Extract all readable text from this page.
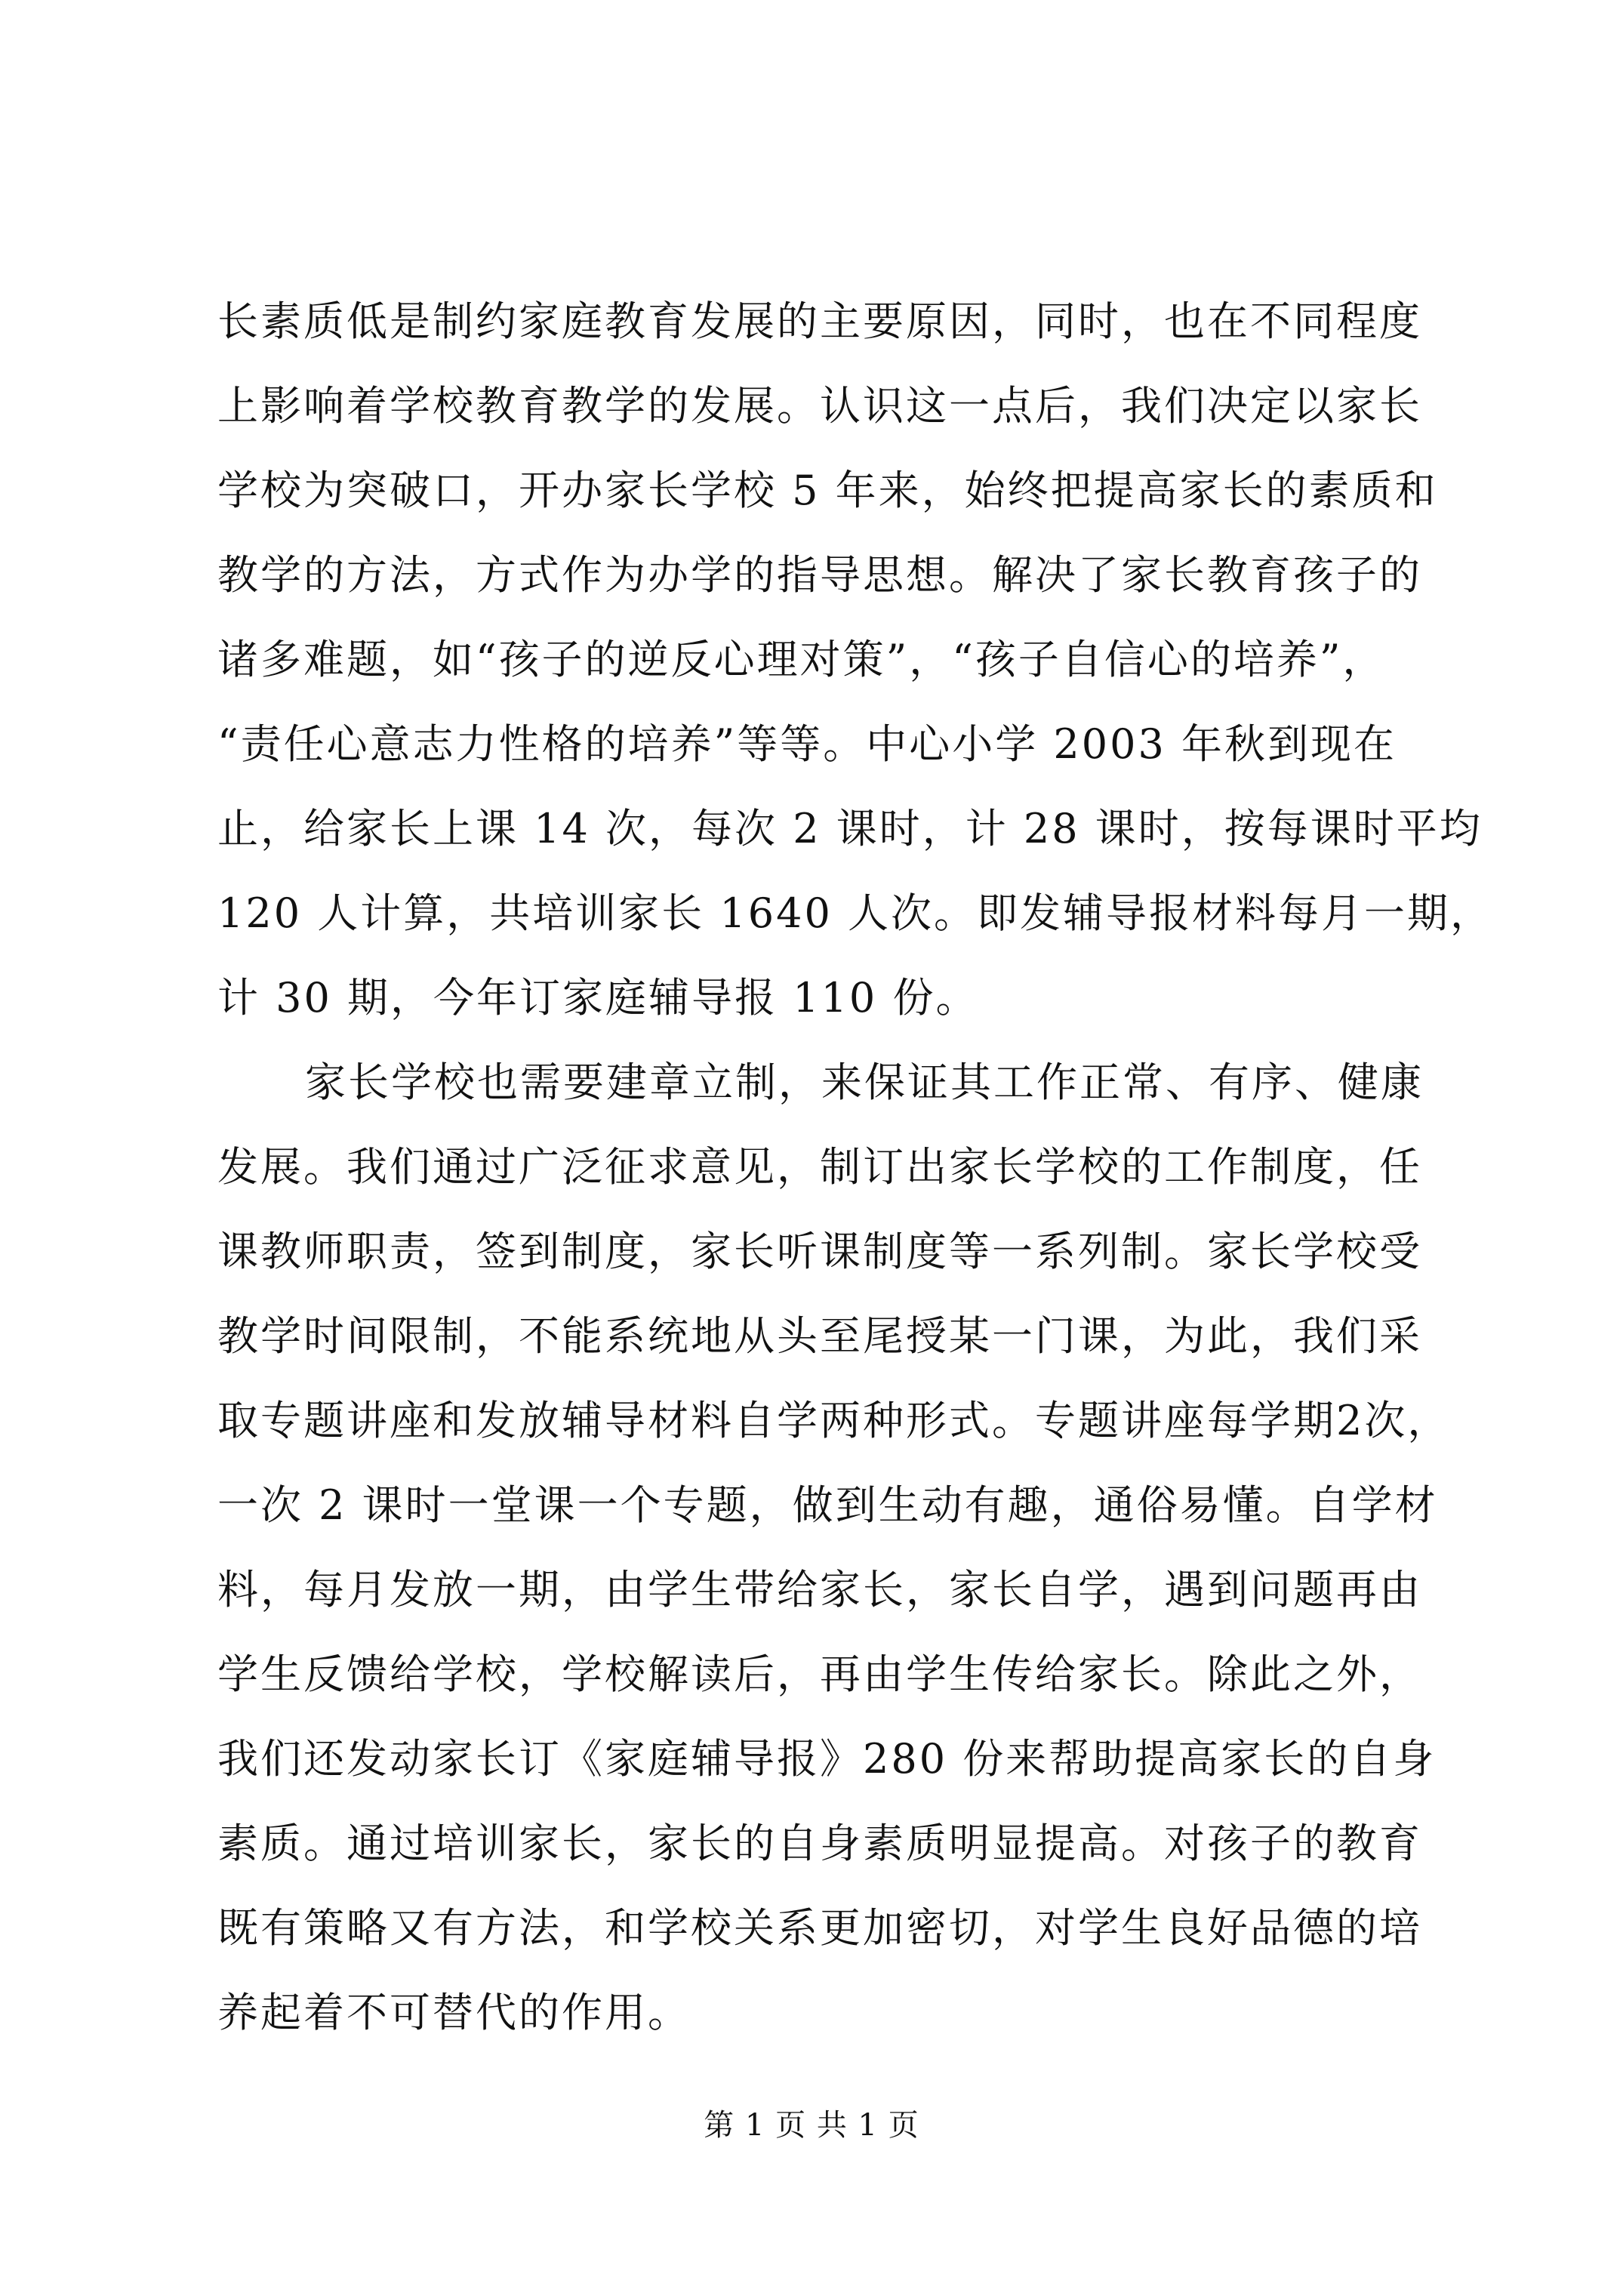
长素质低是制约家庭教育发展的主要原因，同时，也在不同程度
上影响着学校教育教学的发展。认识这一点后，我们决定以家长
学校为突破口，开办家长学校 5 年来，始终把提高家长的素质和
教学的方法，方式作为办学的指导思想。解决了家长教育孩子的
诸多难题，如“孩子的逆反心理对策”，“孩子自信心的培养”，
“责任心意志力性格的培养”等等。中心小学 2003 年秋到现在
止，给家长上课 14 次，每次 2 课时，计 28 课时，按每课时平均
120 人计算，共培训家长 1640 人次。即发辅导报材料每月一期，
计 30 期，今年订家庭辅导报 110 份。
家长学校也需要建章立制，来保证其工作正常、有序、健康
发展。我们通过广泛征求意见，制订出家长学校的工作制度，任
课教师职责，签到制度，家长听课制度等一系列制。家长学校受
教学时间限制，不能系统地从头至尾授某一门课，为此，我们采
取专题讲座和发放辅导材料自学两种形式。专题讲座每学期2次，
一次 2 课时一堂课一个专题，做到生动有趣，通俗易懂。自学材
料，每月发放一期，由学生带给家长，家长自学，遇到问题再由
学生反馈给学校，学校解读后，再由学生传给家长。除此之外，
我们还发动家长订《家庭辅导报》280 份来帮助提高家长的自身
素质。通过培训家长，家长的自身素质明显提高。对孩子的教育
既有策略又有方法，和学校关系更加密切，对学生良好品德的培
养起着不可替代的作用。
第 1 页 共 1 页
